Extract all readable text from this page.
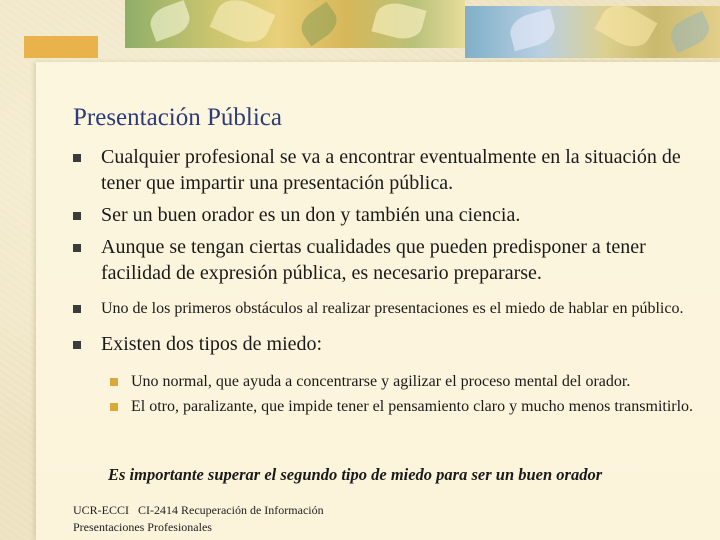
Presentación Pública
Cualquier profesional se va a encontrar eventualmente en la situación de tener que impartir una presentación pública.
Ser un buen orador es un don y también una ciencia.
Aunque se tengan ciertas cualidades que pueden predisponer a tener facilidad de expresión pública, es necesario prepararse.
Uno de los primeros obstáculos al realizar presentaciones es el miedo de hablar en público.
Existen dos tipos de miedo:
Uno normal, que ayuda a concentrarse y agilizar el proceso mental del orador.
El otro, paralizante, que impide tener el pensamiento claro y mucho menos transmitirlo.
Es importante superar el segundo tipo de miedo para ser un buen orador
UCR-ECCI   CI-2414 Recuperación de Información
Presentaciones Profesionales
